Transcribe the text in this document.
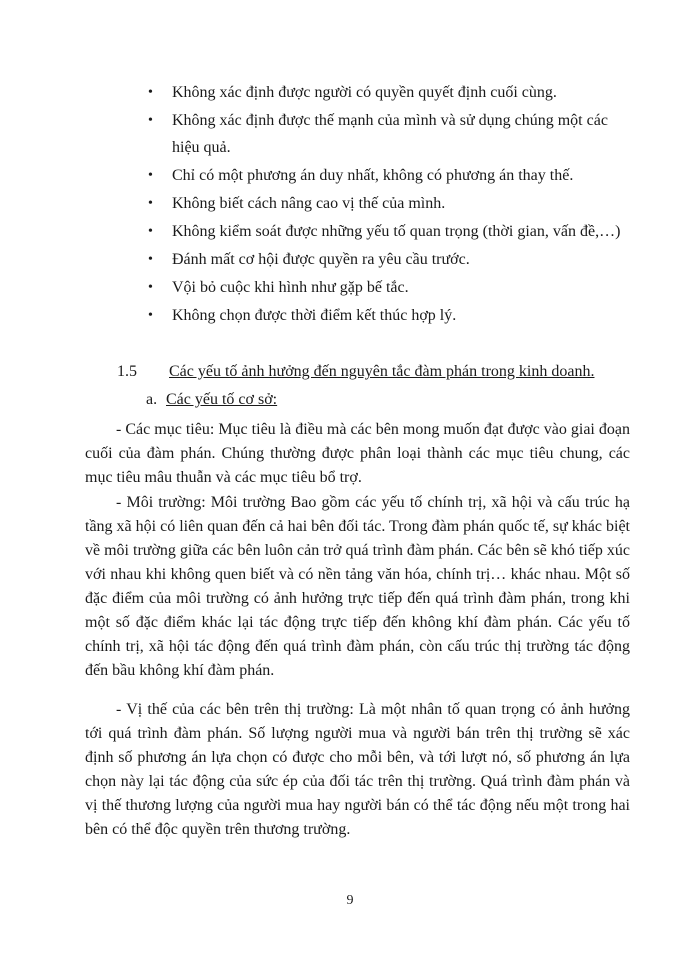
• Không xác định được người có quyền quyết định cuối cùng.
• Không xác định được thế mạnh của mình và sử dụng chúng một các hiệu quả.
• Chỉ có một phương án duy nhất, không có phương án thay thế.
• Không biết cách nâng cao vị thế của mình.
• Không kiểm soát được những yếu tố quan trọng (thời gian, vấn đề,…)
• Đánh mất cơ hội được quyền ra yêu cầu trước.
• Vội bỏ cuộc khi hình như gặp bế tắc.
• Không chọn được thời điểm kết thúc hợp lý.
1.5 Các yếu tố ảnh hưởng đến nguyên tắc đàm phán trong kinh doanh.
a. Các yếu tố cơ sở:

- Các mục tiêu: Mục tiêu là điều mà các bên mong muốn đạt được vào giai đoạn cuối của đàm phán. Chúng thường được phân loại thành các mục tiêu chung, các mục tiêu mâu thuẫn và các mục tiêu bổ trợ.

- Môi trường: Môi trường Bao gồm các yếu tố chính trị, xã hội và cấu trúc hạ tầng xã hội có liên quan đến cả hai bên đối tác. Trong đàm phán quốc tế, sự khác biệt về môi trường giữa các bên luôn cản trở quá trình đàm phán. Các bên sẽ khó tiếp xúc với nhau khi không quen biết và có nền tảng văn hóa, chính trị… khác nhau. Một số đặc điểm của môi trường có ảnh hưởng trực tiếp đến quá trình đàm phán, trong khi một số đặc điểm khác lại tác động trực tiếp đến không khí đàm phán. Các yếu tố chính trị, xã hội tác động đến quá trình đàm phán, còn cấu trúc thị trường tác động đến bầu không khí đàm phán.

- Vị thế của các bên trên thị trường: Là một nhân tố quan trọng có ảnh hưởng tới quá trình đàm phán. Số lượng người mua và người bán trên thị trường sẽ xác định số phương án lựa chọn có được cho mỗi bên, và tới lượt nó, số phương án lựa chọn này lại tác động của sức ép của đối tác trên thị trường. Quá trình đàm phán và vị thế thương lượng của người mua hay người bán có thể tác động nếu một trong hai bên có thể độc quyền trên thương trường.

9
